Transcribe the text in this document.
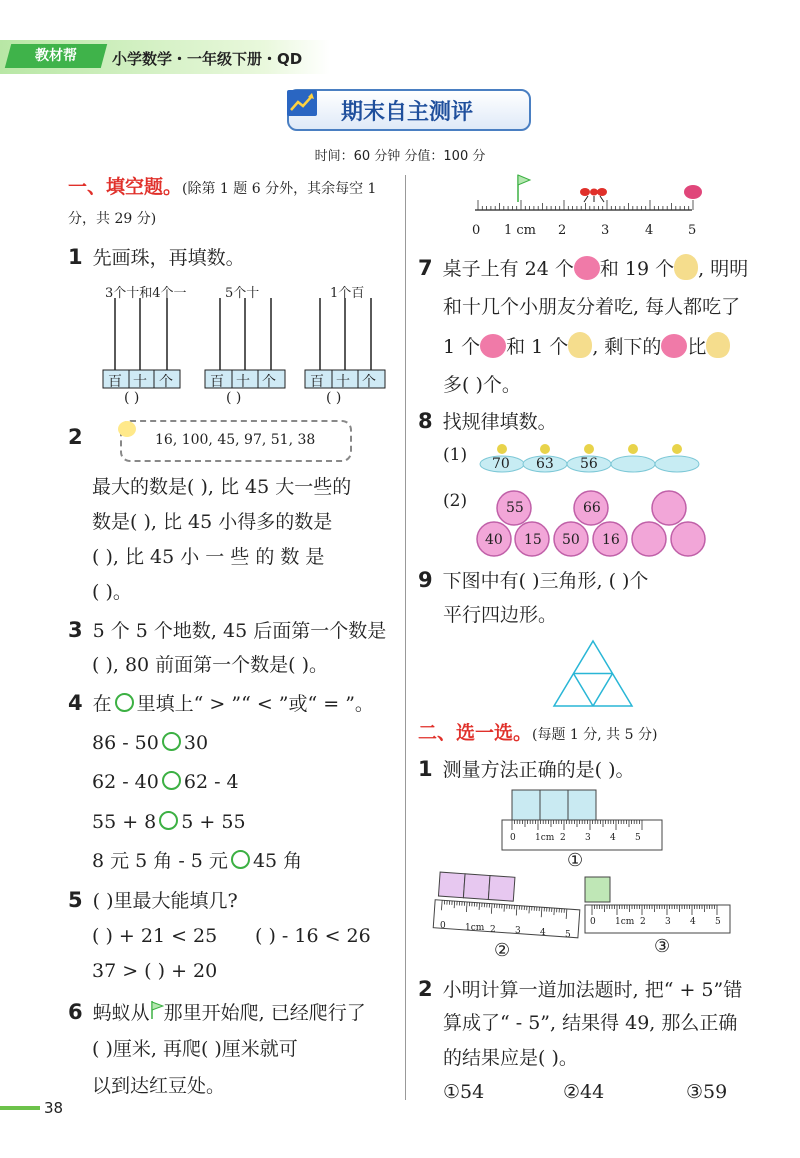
教材帮	小学数学・一年级下册・QD
期末自主测评
时间：60 分钟 分值：100 分
一、填空题。(除第 1 题 6 分外，其余每空 1
分，共 29 分)
1 先画珠，再填数。
3个十和4个一	5个十	1个百
百 十 个	百 十 个 百 十 个
( )	( )	( )
2	16, 100, 45, 97, 51, 38
最大的数是( ), 比 45 大一些的
数是( ), 比 45 小得多的数是
( ), 比 45 小 一 些 的 数 是
( )。
3 5 个 5 个地数, 45 后面第一个数是
( ), 80 前面第一个数是( )。
4 在 里填上“ > ”“ < ”或“ = ”。
86 - 50 30
62 - 40 62 - 4
55 + 8 5 + 55
8 元 5 角 - 5 元 45 角
5 ( )里最大能填几?
( ) + 21 < 25 ( ) - 16 < 26
37 > ( ) + 20
6 蚂蚁从 那里开始爬, 已经爬行了
( )厘米, 再爬( )厘米就可
以到达红豆处。
38
0 1 cm 2	3	4	5
7 桌子上有 24 个 和 19 个 , 明明
和十几个小朋友分着吃, 每人都吃了
1 个 和 1 个 , 剩下的 比
多( )个。
8 找规律填数。
(1) 70 63 56
(2)	55
40 15
66
50 16
9 下图中有( )三角形, ( )个
平行四边形。
二、选一选。(每题 1 分, 共 5 分)
1 测量方法正确的是( )。
①
②	③
0 1cm 2 3 4 5
0 1cm 2 3 4 5
0 1cm 2 3 4 5
2 小明计算一道加法题时, 把“ + 5”错
算成了“ - 5”, 结果得 49, 那么正确
的结果应是( )。
①54	②44	③59
